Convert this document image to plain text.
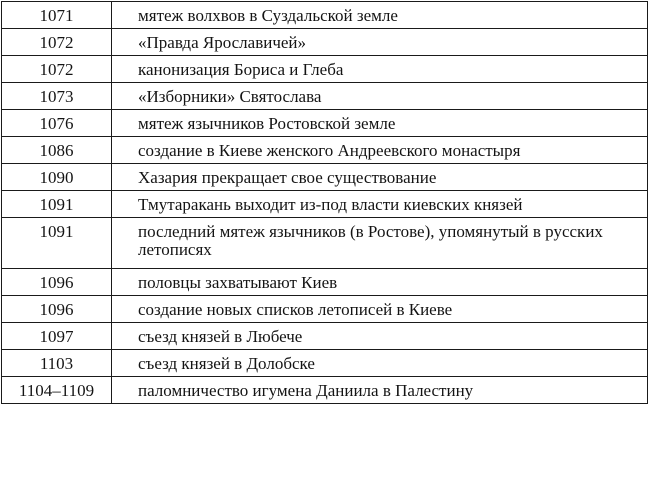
1071	мятеж волхвов в Суздальской земле
1072	«Правда Ярославичей»
1072	канонизация Бориса и Глеба
1073	«Изборники» Святослава
1076	мятеж язычников Ростовской земле
1086	создание в Киеве женского Андреевского монастыря
1090	Хазария прекращает свое существование
1091	Тмутаракань выходит из-под власти киевских князей
1091	последний мятеж язычников (в Ростове), упомянутый в русских летописях
1096	половцы захватывают Киев
1096	создание новых списков летописей в Киеве
1097	съезд князей в Любече
1103	съезд князей в Долобске
1104–1109	паломничество игумена Даниила в Палестину
